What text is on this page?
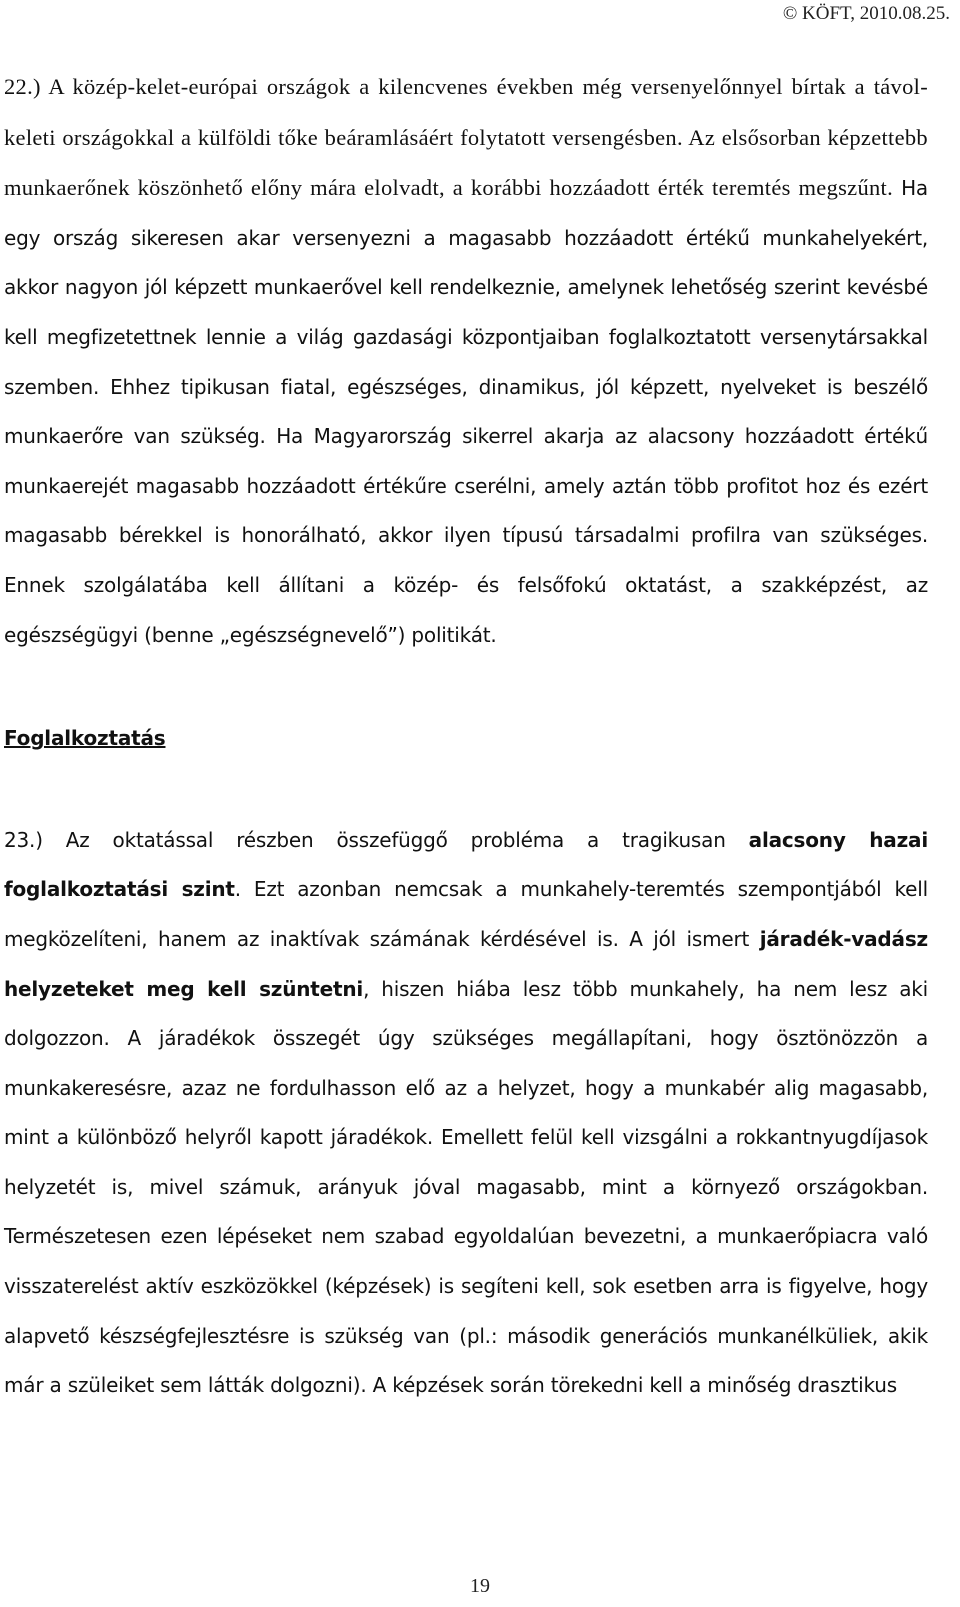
© KÖFT, 2010.08.25.

22.) A közép-kelet-európai országok a kilencvenes években még versenyelőnnyel bírtak a távol-keleti országokkal a külföldi tőke beáramlásáért folytatott versengésben. Az elsősorban képzettebb munkaerőnek köszönhető előny mára elolvadt, a korábbi hozzáadott érték teremtés megszűnt. Ha egy ország sikeresen akar versenyezni a magasabb hozzáadott értékű munkahelyekért, akkor nagyon jól képzett munkaerővel kell rendelkeznie, amelynek lehetőség szerint kevésbé kell megfizetettnek lennie a világ gazdasági központjaiban foglalkoztatott versenytársakkal szemben. Ehhez tipikusan fiatal, egészséges, dinamikus, jól képzett, nyelveket is beszélő munkaerőre van szükség. Ha Magyarország sikerrel akarja az alacsony hozzáadott értékű munkaerejét magasabb hozzáadott értékűre cserélni, amely aztán több profitot hoz és ezért magasabb bérekkel is honorálható, akkor ilyen típusú társadalmi profilra van szükséges. Ennek szolgálatába kell állítani a közép- és felsőfokú oktatást, a szakképzést, az egészségügyi (benne „egészségnevelő”) politikát.

Foglalkoztatás

23.) Az oktatással részben összefüggő probléma a tragikusan alacsony hazai foglalkoztatási szint. Ezt azonban nemcsak a munkahely-teremtés szempontjából kell megközelíteni, hanem az inaktívak számának kérdésével is. A jól ismert járadék-vadász helyzeteket meg kell szüntetni, hiszen hiába lesz több munkahely, ha nem lesz aki dolgozzon. A járadékok összegét úgy szükséges megállapítani, hogy ösztönözzön a munkakeresésre, azaz ne fordulhasson elő az a helyzet, hogy a munkabér alig magasabb, mint a különböző helyről kapott járadékok. Emellett felül kell vizsgálni a rokkantnyugdíjasok helyzetét is, mivel számuk, arányuk jóval magasabb, mint a környező országokban. Természetesen ezen lépéseket nem szabad egyoldalúan bevezetni, a munkaerőpiacra való visszaterelést aktív eszközökkel (képzések) is segíteni kell, sok esetben arra is figyelve, hogy alapvető készségfejlesztésre is szükség van (pl.: második generációs munkanélküliek, akik már a szüleiket sem látták dolgozni). A képzések során törekedni kell a minőség drasztikus

19
